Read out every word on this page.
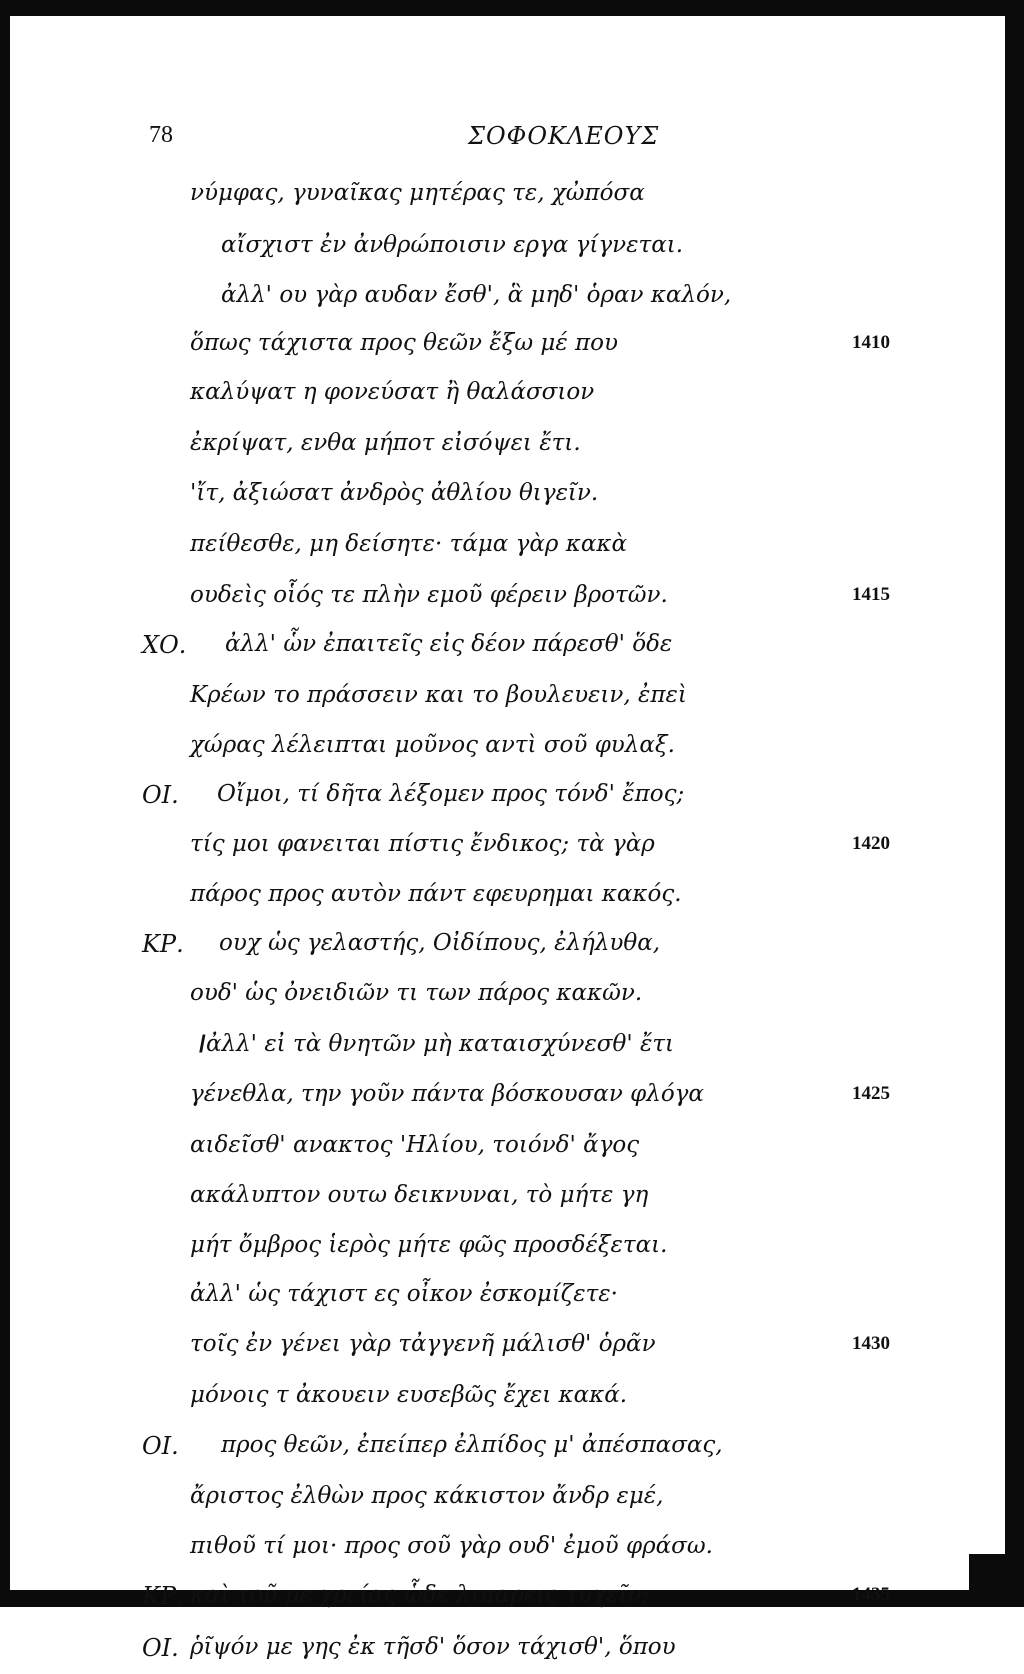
78	ΣΟΦΟΚΛΕΟΥΣ
νύμφας, γυναῖκας μητέρας τε, χὠπόσα
αἴσχιστ ἐν ἀνθρώποισιν εργα γίγνεται.
ἀλλ' ου γὰρ αυδαν ἔσθ', ἃ μηδ' ὁραν καλόν,
ὅπως τάχιστα προς θεῶν ἔξω μέ που	1410
καλύψατ η φονεύσατ ἢ θαλάσσιον
ἐκρίψατ, ενθα μήποτ εἰσόψει ἔτι.
'ἴτ, ἀξιώσατ ἀνδρὸς ἀθλίου θιγεῖν.
πείθεσθε, μη δείσητε· τάμα γὰρ κακὰ
ουδεὶς οἷός τε πλὴν εμοῦ φέρειν βροτῶν.	1415
ΧΟ. ἀλλ' ὧν ἐπαιτεῖς εἰς δέον πάρεσθ' ὅδε
Κρέων το πράσσειν και το βουλευειν, ἐπεὶ
χώρας λέλειπται μοῦνος αντὶ σοῦ φυλαξ.
ΟΙ. Οἴμοι, τί δῆτα λέξομεν προς τόνδ' ἔπος;
τίς μοι φανειται πίστις ἔνδικος; τὰ γὰρ	1420
πάρος προς αυτὸν πάντ εφευρημαι κακός.
ΚΡ. ουχ ὡς γελαστής, Οἰδίπους, ἐλήλυθα,
ουδ' ὡς ὀνειδιῶν τι των πάρος κακῶν.
/ ἀλλ' εἰ τὰ θνητῶν μὴ καταισχύνεσθ' ἔτι
γένεθλα, την γοῦν πάντα βόσκουσαν φλόγα	1425
αιδεῖσθ' ανακτος 'Ηλίου, τοιόνδ' ἄγος
ακάλυπτον ουτω δεικνυναι, τὸ μήτε γη
μήτ ὄμβρος ἱερὸς μήτε φῶς προσδέξεται.
ἀλλ' ὡς τάχιστ ες οἶκον ἐσκομίζετε·
τοῖς ἐν γένει γὰρ τἀγγενῆ μάλισθ' ὁρᾶν	1430
μόνοις τ ἀκουειν ευσεβῶς ἔχει κακά.
ΟΙ. προς θεῶν, ἐπείπερ ἐλπίδος μ' ἀπέσπασας,
ἄριστος ἐλθὼν προς κάκιστον ἄνδρ εμέ,
πιθοῦ τί μοι· προς σοῦ γὰρ ουδ' ἐμοῦ φράσω.
ΚΡ. καὶ τοῦ με χρείας ὧδε λιπαρεις τυχεῖν;	1435
ΟΙ. ῥῖψόν με γης ἐκ τῆσδ' ὅσον τάχισθ', ὅπου
